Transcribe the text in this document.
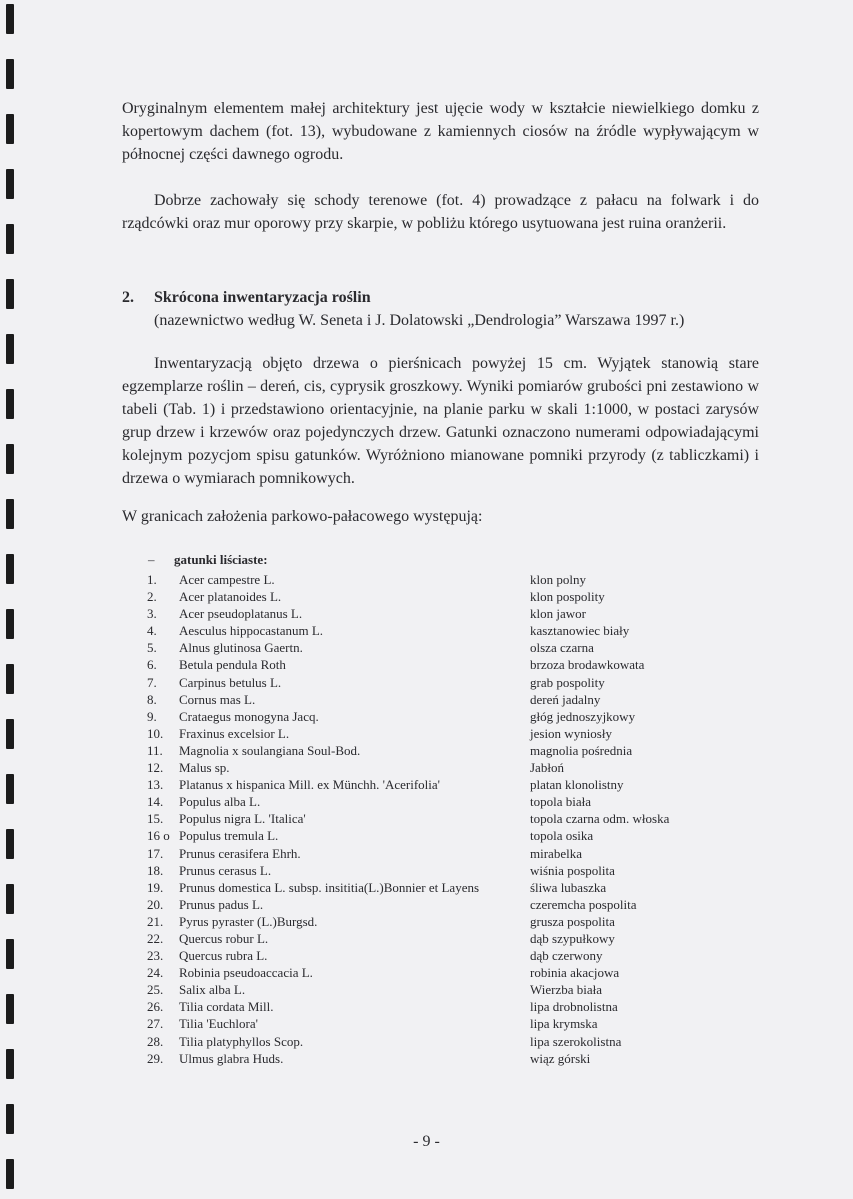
Oryginalnym elementem małej architektury jest ujęcie wody w kształcie niewielkiego domku z kopertowym dachem (fot. 13), wybudowane z kamiennych ciosów na źródle wypływającym w północnej części dawnego ogrodu.

Dobrze zachowały się schody terenowe (fot. 4) prowadzące z pałacu na folwark i do rządcówki oraz mur oporowy przy skarpie, w pobliżu którego usytuowana jest ruina oranżerii.

2. Skrócona inwentaryzacja roślin
(nazewnictwo według W. Seneta i J. Dolatowski „Dendrologia” Warszawa 1997 r.)

Inwentaryzacją objęto drzewa o pierśnicach powyżej 15 cm. Wyjątek stanowią stare egzemplarze roślin – dereń, cis, cyprysik groszkowy. Wyniki pomiarów grubości pni zestawiono w tabeli (Tab. 1) i przedstawiono orientacyjnie, na planie parku w skali 1:1000, w postaci zarysów grup drzew i krzewów oraz pojedynczych drzew. Gatunki oznaczono numerami odpowiadającymi kolejnym pozycjom spisu gatunków. Wyróżniono mianowane pomniki przyrody (z tabliczkami) i drzewa o wymiarach pomnikowych.

W granicach założenia parkowo-pałacowego występują:

– gatunki liściaste:
1. Acer campestre L.	klon polny
2. Acer platanoides L.	klon pospolity
3. Acer pseudoplatanus L.	klon jawor
4. Aesculus hippocastanum L.	kasztanowiec biały
5. Alnus glutinosa Gaertn.	olsza czarna
6. Betula pendula Roth	brzoza brodawkowata
7. Carpinus betulus L.	grab pospolity
8. Cornus mas L.	dereń jadalny
9. Crataegus monogyna Jacq.	głóg jednoszyjkowy
10. Fraxinus excelsior L.	jesion wyniosły
11. Magnolia x soulangiana Soul-Bod.	magnolia pośrednia
12. Malus sp.	Jabłoń
13. Platanus x hispanica Mill. ex Münchh. 'Acerifolia'	platan klonolistny
14. Populus alba L.	topola biała
15. Populus nigra L. 'Italica'	topola czarna odm. włoska
16 o Populus tremula L.	topola osika
17. Prunus cerasifera Ehrh.	mirabelka
18. Prunus cerasus L.	wiśnia pospolita
19. Prunus domestica L. subsp. insititia(L.)Bonnier et Layens	śliwa lubaszka
20. Prunus padus L.	czeremcha pospolita
21. Pyrus pyraster (L.)Burgsd.	grusza pospolita
22. Quercus robur L.	dąb szypułkowy
23. Quercus rubra L.	dąb czerwony
24. Robinia pseudoaccacia L.	robinia akacjowa
25. Salix alba L.	Wierzba biała
26. Tilia cordata Mill.	lipa drobnolistna
27. Tilia 'Euchlora'	lipa krymska
28. Tilia platyphyllos Scop.	lipa szerokolistna
29. Ulmus glabra Huds.	wiąz górski
- 9 -
